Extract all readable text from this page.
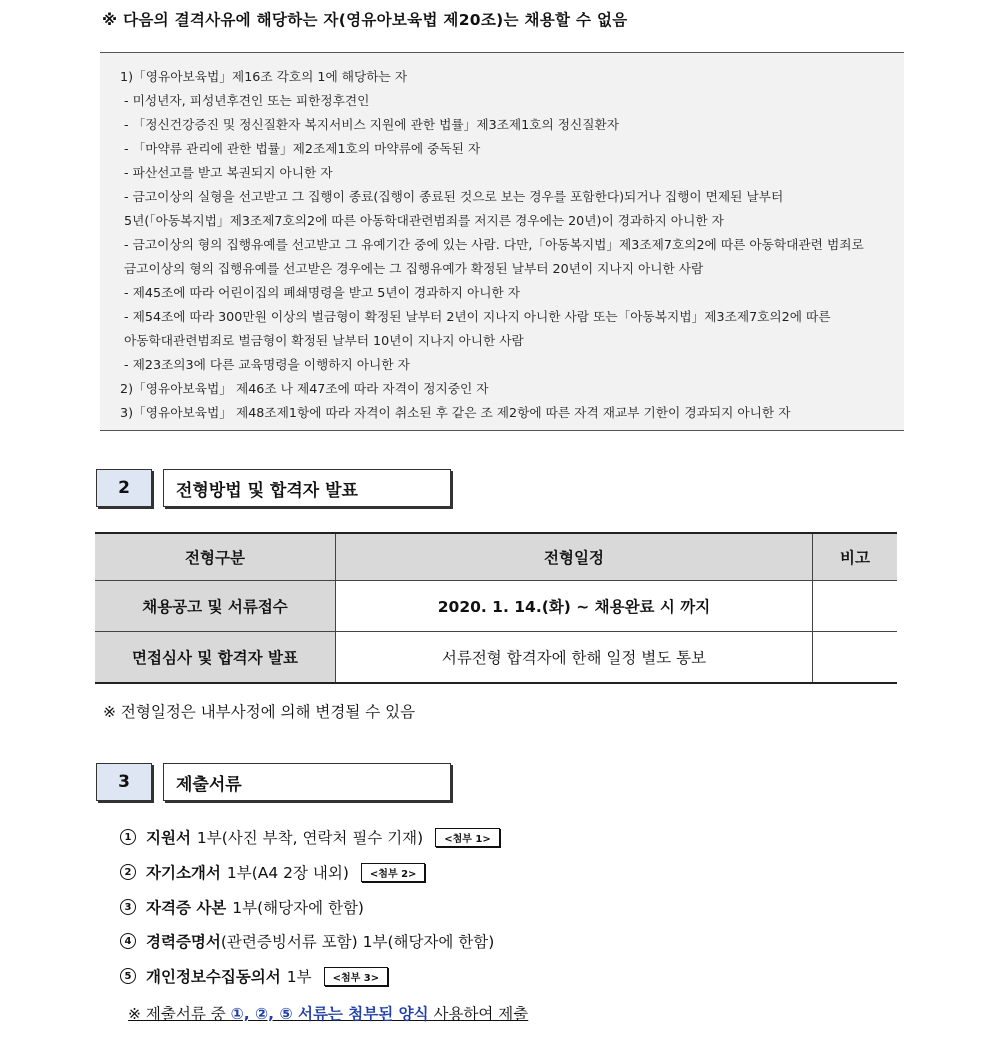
※ 다음의 결격사유에 해당하는 자(영유아보육법 제20조)는 채용할 수 없음
1)「영유아보육법」제16조 각호의 1에 해당하는 자
- 미성년자, 피성년후견인 또는 피한정후견인
- 「정신건강증진 및 정신질환자 복지서비스 지원에 관한 법률」제3조제1호의 정신질환자
- 「마약류 관리에 관한 법률」제2조제1호의 마약류에 중독된 자
- 파산선고를 받고 복권되지 아니한 자
- 금고이상의 실형을 선고받고 그 집행이 종료(집행이 종료된 것으로 보는 경우를 포함한다)되거나 집행이 면제된 날부터
5년(「아동복지법」제3조제7호의2에 따른 아동학대관련범죄를 저지른 경우에는 20년)이 경과하지 아니한 자
- 금고이상의 형의 집행유예를 선고받고 그 유예기간 중에 있는 사람. 다만,「아동복지법」제3조제7호의2에 따른 아동학대관련 범죄로
금고이상의 형의 집행유예를 선고받은 경우에는 그 집행유예가 확정된 날부터 20년이 지나지 아니한 사람
- 제45조에 따라 어린이집의 폐쇄명령을 받고 5년이 경과하지 아니한 자
- 제54조에 따라 300만원 이상의 벌금형이 확정된 날부터 2년이 지나지 아니한 사람 또는「아동복지법」제3조제7호의2에 따른
아동학대관련범죄로 벌금형이 확정된 날부터 10년이 지나지 아니한 사람
- 제23조의3에 다른 교육명령을 이행하지 아니한 자
2)「영유아보육법」 제46조 나 제47조에 따라 자격이 정지중인 자
3)「영유아보육법」 제48조제1항에 따라 자격이 취소된 후 같은 조 제2항에 따른 자격 재교부 기한이 경과되지 아니한 자
2	전형방법 및 합격자 발표
전형구분	전형일정	비고
채용공고 및 서류접수	2020. 1. 14.(화) ~ 채용완료 시 까지	
면접심사 및 합격자 발표	서류전형 합격자에 한해 일정 별도 통보	
※ 전형일정은 내부사정에 의해 변경될 수 있음
3	제출서류
1 지원서 1부(사진 부착, 연락처 필수 기재)	<첨부 1>
2 자기소개서 1부(A4 2장 내외)	<첨부 2>
3 자격증 사본 1부(해당자에 한함)
4 경력증명서 (관련증빙서류 포함) 1부(해당자에 한함)
5 개인정보수집동의서 1부	<첨부 3>
※ 제출서류 중 ①, ②, ⑤ 서류는 첨부된 양식 사용하여 제출
